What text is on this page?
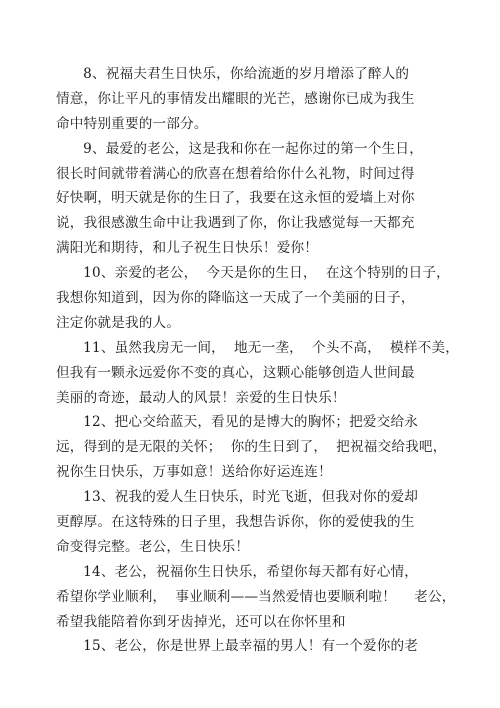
8、祝福夫君生日快乐，你给流逝的岁月增添了醉人的
情意，你让平凡的事情发出耀眼的光芒，感谢你已成为我生
命中特别重要的一部分。
9、最爱的老公，这是我和你在一起你过的第一个生日，
很长时间就带着满心的欣喜在想着给你什么礼物，时间过得
好快啊，明天就是你的生日了，我要在这永恒的爱墙上对你
说，我很感激生命中让我遇到了你，你让我感觉每一天都充
满阳光和期待，和儿子祝生日快乐！爱你！
10、亲爱的老公，  今天是你的生日，  在这个特别的日子，
我想你知道到，因为你的降临这一天成了一个美丽的日子，
注定你就是我的人。
11、虽然我房无一间，  地无一垄，  个头不高，  模样不美，
但我有一颗永远爱你不变的真心，这颗心能够创造人世间最
美丽的奇迹，最动人的风景！亲爱的生日快乐！
12、把心交给蓝天，看见的是博大的胸怀；把爱交给永
远，得到的是无限的关怀；  你的生日到了，  把祝福交给我吧，
祝你生日快乐，万事如意！送给你好运连连！
13、祝我的爱人生日快乐，时光飞逝，但我对你的爱却
更醇厚。在这特殊的日子里，我想告诉你，你的爱使我的生
命变得完整。老公，生日快乐！
14、老公，祝福你生日快乐，希望你每天都有好心情，
希望你学业顺利，  事业顺利——当然爱情也要顺利啦！    老公，
希望我能陪着你到牙齿掉光，还可以在你怀里和
15、老公，你是世界上最幸福的男人！有一个爱你的老
